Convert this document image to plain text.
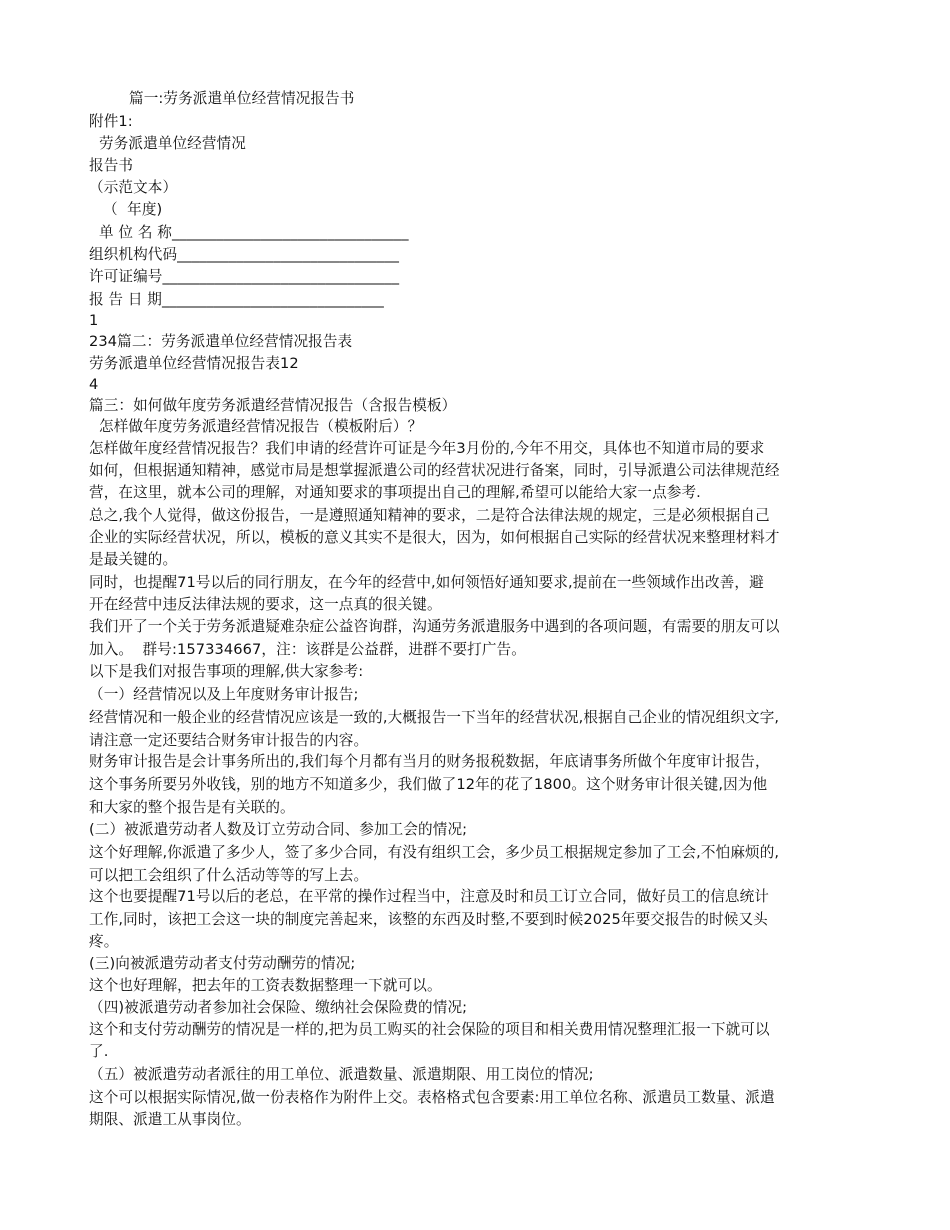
篇一:劳务派遣单位经营情况报告书
附件1:
劳务派遣单位经营情况
报告书
（示范文本）
（  年度)
单 位 名 称________________________________
组织机构代码______________________________
许可证编号________________________________
报 告 日 期______________________________
1
234篇二：劳务派遣单位经营情况报告表
劳务派遣单位经营情况报告表12
4
篇三：如何做年度劳务派遣经营情况报告（含报告模板）
怎样做年度劳务派遣经营情况报告（模板附后）？
怎样做年度经营情况报告？我们申请的经营许可证是今年3月份的,今年不用交，具体也不知道市局的要求
如何，但根据通知精神，感觉市局是想掌握派遣公司的经营状况进行备案，同时，引导派遣公司法律规范经
营，在这里，就本公司的理解，对通知要求的事项提出自己的理解,希望可以能给大家一点参考.
总之,我个人觉得，做这份报告，一是遵照通知精神的要求，二是符合法律法规的规定，三是必须根据自己
企业的实际经营状况，所以，模板的意义其实不是很大，因为，如何根据自己实际的经营状况来整理材料才
是最关键的。
同时，也提醒71号以后的同行朋友，在今年的经营中,如何领悟好通知要求,提前在一些领域作出改善，避
开在经营中违反法律法规的要求，这一点真的很关键。
我们开了一个关于劳务派遣疑难杂症公益咨询群，沟通劳务派遣服务中遇到的各项问题，有需要的朋友可以
加入。  群号:157334667，注：该群是公益群，进群不要打广告。
以下是我们对报告事项的理解,供大家参考:
（一）经营情况以及上年度财务审计报告;
经营情况和一般企业的经营情况应该是一致的,大概报告一下当年的经营状况,根据自己企业的情况组织文字,
请注意一定还要结合财务审计报告的内容。
财务审计报告是会计事务所出的,我们每个月都有当月的财务报税数据，年底请事务所做个年度审计报告，
这个事务所要另外收钱，别的地方不知道多少，我们做了12年的花了1800。这个财务审计很关键,因为他
和大家的整个报告是有关联的。
(二）被派遣劳动者人数及订立劳动合同、参加工会的情况;
这个好理解,你派遣了多少人，签了多少合同，有没有组织工会，多少员工根据规定参加了工会,不怕麻烦的,
可以把工会组织了什么活动等等的写上去。
这个也要提醒71号以后的老总，在平常的操作过程当中，注意及时和员工订立合同，做好员工的信息统计
工作,同时，该把工会这一块的制度完善起来，该整的东西及时整,不要到时候2025年要交报告的时候又头
疼。
(三)向被派遣劳动者支付劳动酬劳的情况;
这个也好理解，把去年的工资表数据整理一下就可以。
（四)被派遣劳动者参加社会保险、缴纳社会保险费的情况;
这个和支付劳动酬劳的情况是一样的,把为员工购买的社会保险的项目和相关费用情况整理汇报一下就可以
了.
（五）被派遣劳动者派往的用工单位、派遣数量、派遣期限、用工岗位的情况;
这个可以根据实际情况,做一份表格作为附件上交。表格格式包含要素:用工单位名称、派遣员工数量、派遣
期限、派遣工从事岗位。
